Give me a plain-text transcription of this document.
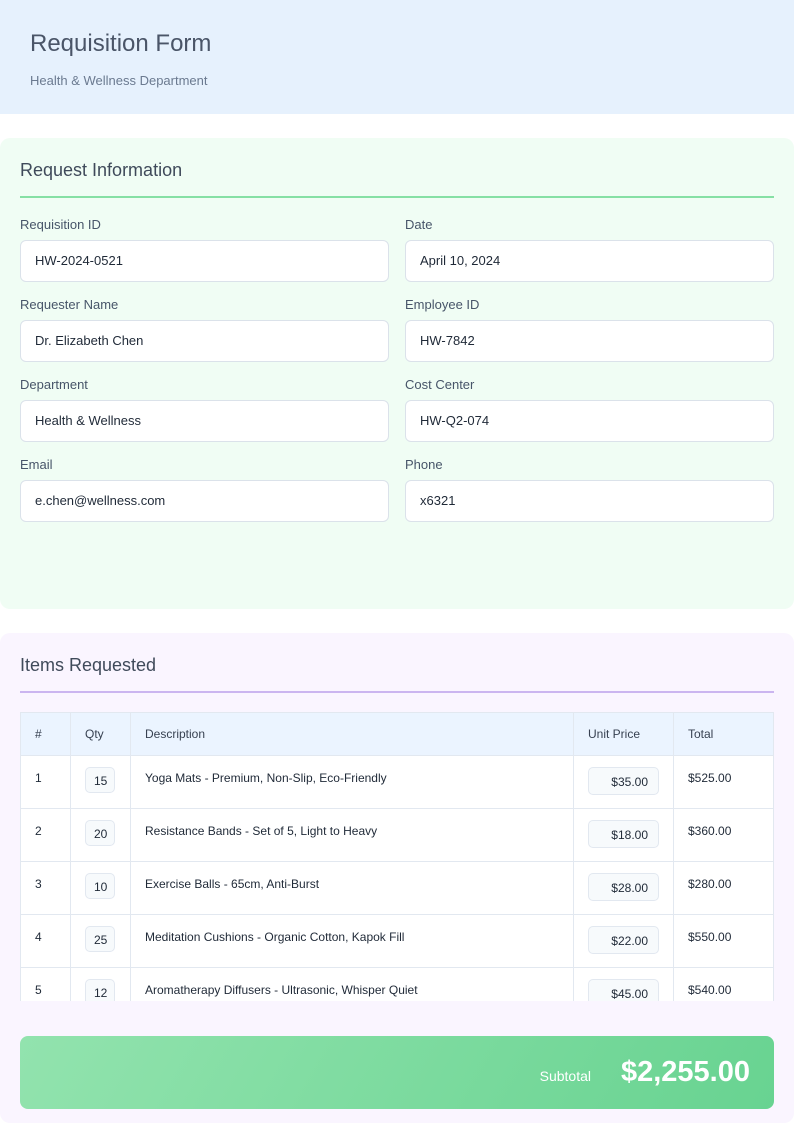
Requisition Form
Health & Wellness Department
Request Information
Requisition ID
HW-2024-0521
Date
April 10, 2024
Requester Name
Dr. Elizabeth Chen
Employee ID
HW-7842
Department
Health & Wellness
Cost Center
HW-Q2-074
Email
e.chen@wellness.com
Phone
x6321
Items Requested
#	Qty	Description	Unit Price	Total
1	15	Yoga Mats - Premium, Non-Slip, Eco-Friendly	$35.00	$525.00
2	20	Resistance Bands - Set of 5, Light to Heavy	$18.00	$360.00
3	10	Exercise Balls - 65cm, Anti-Burst	$28.00	$280.00
4	25	Meditation Cushions - Organic Cotton, Kapok Fill	$22.00	$550.00
5	12	Aromatherapy Diffusers - Ultrasonic, Whisper Quiet	$45.00	$540.00
Subtotal $2,255.00
